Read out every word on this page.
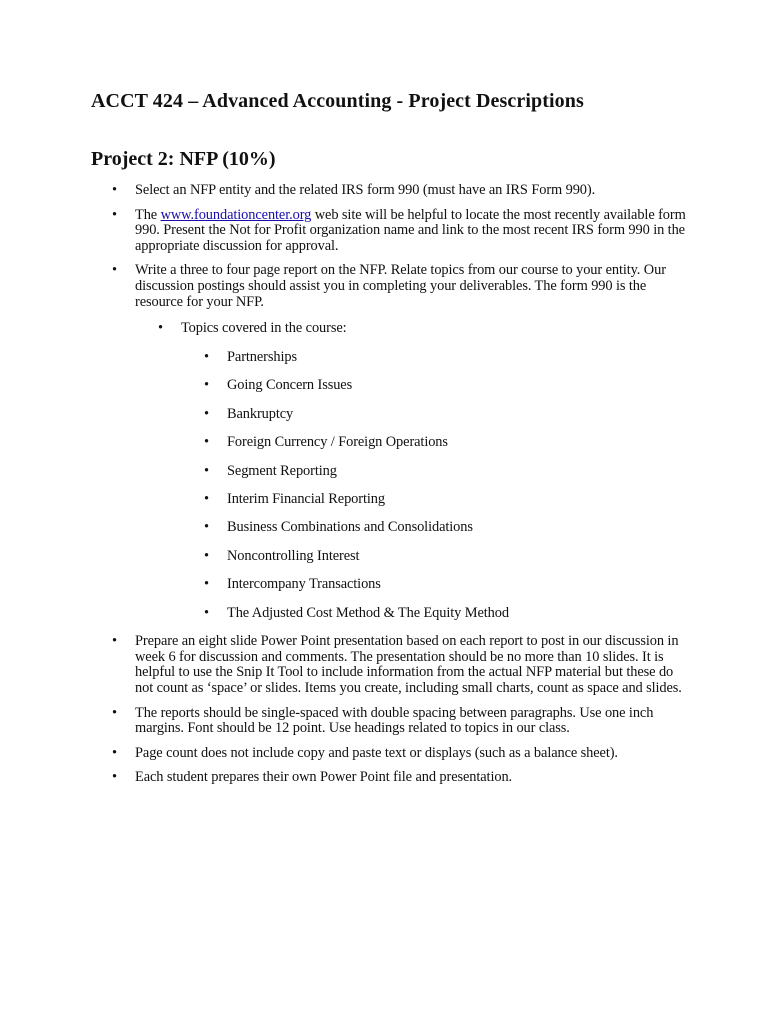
ACCT 424 – Advanced Accounting - Project Descriptions
Project 2: NFP (10%)
• Select an NFP entity and the related IRS form 990 (must have an IRS Form 990).
• The www.foundationcenter.org web site will be helpful to locate the most recently available form 990. Present the Not for Profit organization name and link to the most recent IRS form 990 in the appropriate discussion for approval.
• Write a three to four page report on the NFP. Relate topics from our course to your entity. Our discussion postings should assist you in completing your deliverables. The form 990 is the resource for your NFP.
• Topics covered in the course:
• Partnerships
• Going Concern Issues
• Bankruptcy
• Foreign Currency / Foreign Operations
• Segment Reporting
• Interim Financial Reporting
• Business Combinations and Consolidations
• Noncontrolling Interest
• Intercompany Transactions
• The Adjusted Cost Method & The Equity Method
• Prepare an eight slide Power Point presentation based on each report to post in our discussion in week 6 for discussion and comments. The presentation should be no more than 10 slides. It is helpful to use the Snip It Tool to include information from the actual NFP material but these do not count as ‘space’ or slides. Items you create, including small charts, count as space and slides.
• The reports should be single-spaced with double spacing between paragraphs. Use one inch margins. Font should be 12 point. Use headings related to topics in our class.
• Page count does not include copy and paste text or displays (such as a balance sheet).
• Each student prepares their own Power Point file and presentation.
